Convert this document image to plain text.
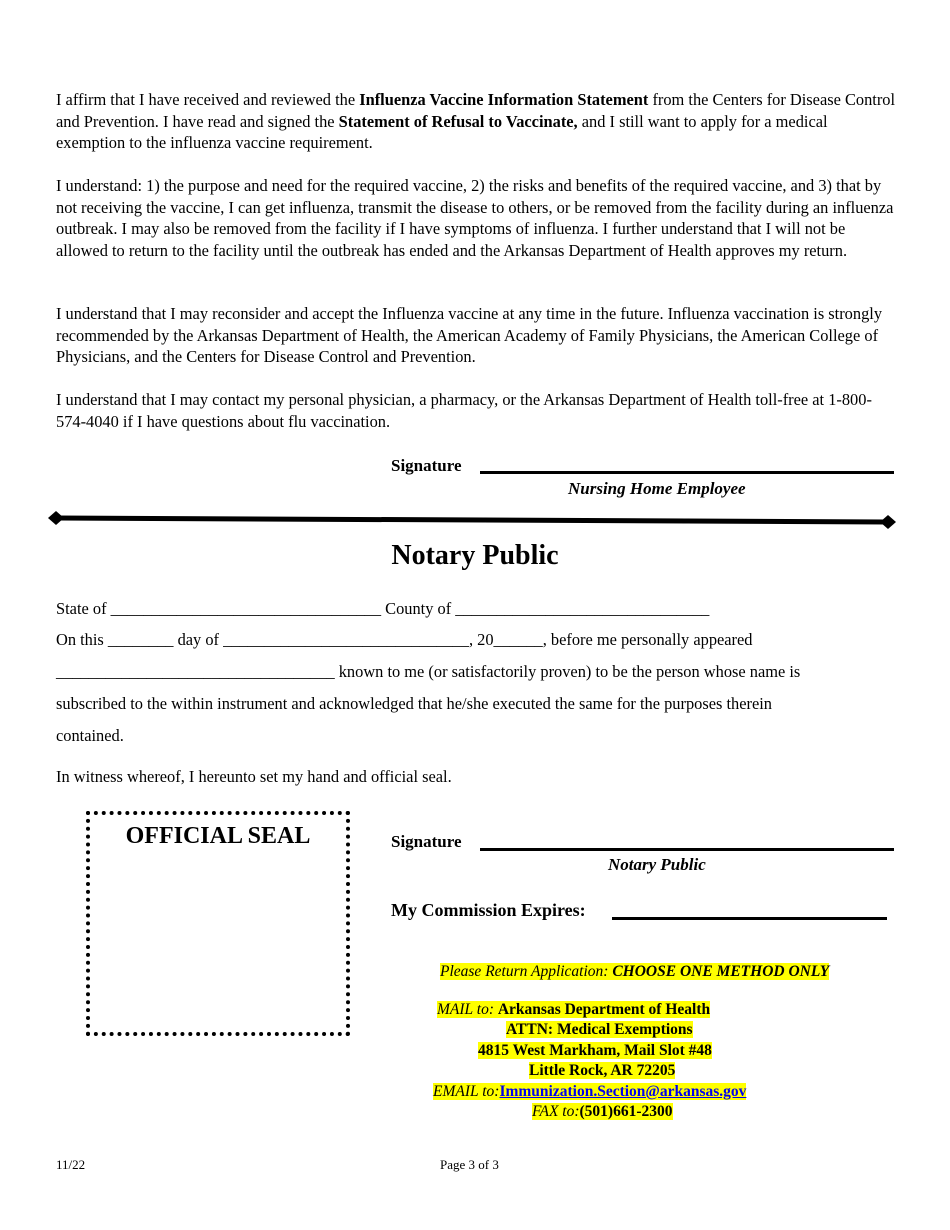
I affirm that I have received and reviewed the Influenza Vaccine Information Statement from the Centers for Disease Control and Prevention. I have read and signed the Statement of Refusal to Vaccinate, and I still want to apply for a medical exemption to the influenza vaccine requirement.

I understand: 1) the purpose and need for the required vaccine, 2) the risks and benefits of the required vaccine, and 3) that by not receiving the vaccine, I can get influenza, transmit the disease to others, or be removed from the facility during an influenza outbreak. I may also be removed from the facility if I have symptoms of influenza. I further understand that I will not be allowed to return to the facility until the outbreak has ended and the Arkansas Department of Health approves my return.

I understand that I may reconsider and accept the Influenza vaccine at any time in the future. Influenza vaccination is strongly recommended by the Arkansas Department of Health, the American Academy of Family Physicians, the American College of Physicians, and the Centers for Disease Control and Prevention.

I understand that I may contact my personal physician, a pharmacy, or the Arkansas Department of Health toll-free at 1-800-574-4040 if I have questions about flu vaccination.

Signature
Nursing Home Employee
Notary Public
State of _________________________________ County of _______________________________
On this ________ day of ______________________________, 20______, before me personally appeared
__________________________________ known to me (or satisfactorily proven) to be the person whose name is
subscribed to the within instrument and acknowledged that he/she executed the same for the purposes therein
contained.
In witness whereof, I hereunto set my hand and official seal.
OFFICIAL SEAL	Signature
Notary Public
My Commission Expires:
Please Return Application: CHOOSE ONE METHOD ONLY
MAIL to: Arkansas Department of Health
ATTN: Medical Exemptions
4815 West Markham, Mail Slot #48
Little Rock, AR 72205
EMAIL to:Immunization.Section@arkansas.gov
FAX to:(501)661-2300
11/22	Page 3 of 3
